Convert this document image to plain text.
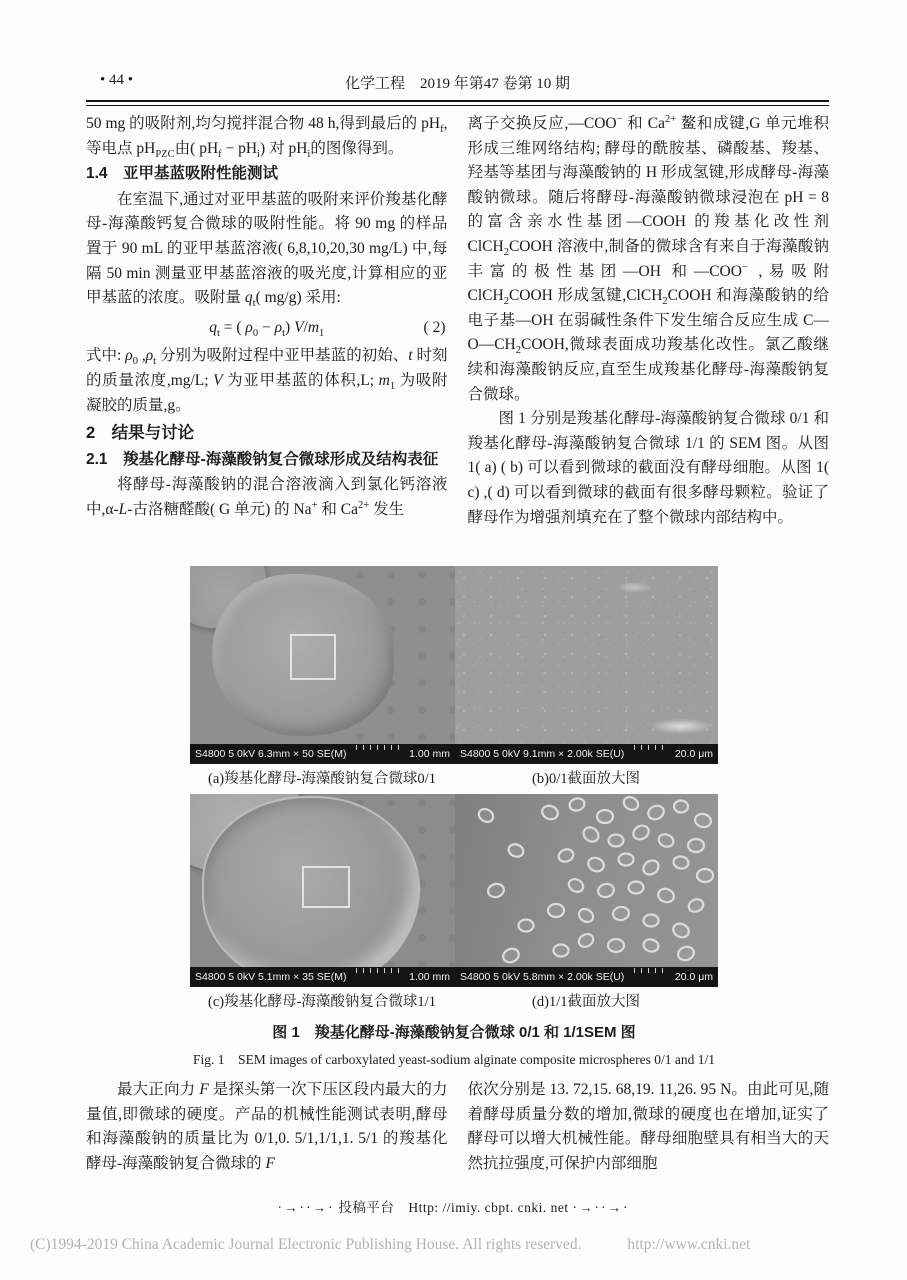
• 44 •	化学工程　2019 年第47 卷第 10 期

50 mg 的吸附剂,均匀搅拌混合物 48 h,得到最后的 $pH_f$,等电点 $pH_{PZC}$由( $pH_f - pH_i$) 对 $pH_i$的图像得到。

1.4　亚甲基蓝吸附性能测试

在室温下,通过对亚甲基蓝的吸附来评价羧基化酵母-海藻酸钙复合微球的吸附性能。将 90 mg 的样品置于 90 mL 的亚甲基蓝溶液( 6,8,10,20,30 mg/L) 中,每隔 50 min 测量亚甲基蓝溶液的吸光度,计算相应的亚甲基蓝的浓度。吸附量 $q_t$( mg/g) 采用:

$q_t$ = ( $\rho_0 - \rho_t$) $V/m_1$	( 2)

式中: $\rho_0$ $,\rho_t$ 分别为吸附过程中亚甲基蓝的初始、t 时刻的质量浓度,mg/L; V 为亚甲基蓝的体积,L; $m_1$ 为吸附凝胶的质量,g。

2　结果与讨论

2.1　羧基化酵母-海藻酸钠复合微球形成及结构表征

将酵母-海藻酸钠的混合溶液滴入到氯化钙溶液中,α-L-古洛糖醛酸( G 单元) 的 Na+ 和 $Ca^{2+}$ 发生

离子交换反应,—COO− 和 $Ca^{2+}$ 鳌和成键,G 单元堆积形成三维网络结构; 酵母的酰胺基、磷酸基、羧基、羟基等基团与海藻酸钠的 H 形成氢键,形成酵母-海藻酸钠微球。随后将酵母-海藻酸钠微球浸泡在 pH = 8 的富含亲水性基团—COOH 的羧基化改性剂 ClCH$_2$COOH 溶液中,制备的微球含有来自于海藻酸钠丰富的极性基团—OH 和—COO− ,易吸附 ClCH$_2$COOH 形成氢键,ClCH$_2$COOH 和海藻酸钠的给电子基—OH 在弱碱性条件下发生缩合反应生成 $C—O—CH_2COOH$,微球表面成功羧基化改性。氯乙酸继续和海藻酸钠反应,直至生成羧基化酵母-海藻酸钠复合微球。

图 1 分别是羧基化酵母-海藻酸钠复合微球 0/1 和羧基化酵母-海藻酸钠复合微球 1/1 的 SEM 图。从图 1( a) ( b) 可以看到微球的截面没有酵母细胞。从图 1( c) ,( d) 可以看到微球的截面有很多酵母颗粒。验证了酵母作为增强剂填充在了整个微球内部结构中。

S4800 5 0kV 6.3mm × 50 SE(M)	1.00 mm S4800 5 0kV 9.1mm × 2.00k SE(U)	20.0 μm
(a)羧基化酵母-海藻酸钠复合微球0/1	(b)0/1截面放大图
S4800 5 0kV 5.1mm × 35 SE(M)	1.00 mm S4800 5 0kV 5.8mm × 2.00k SE(U)	20.0 μm
(c)羧基化酵母-海藻酸钠复合微球1/1	(d)1/1截面放大图
图 1　羧基化酵母-海藻酸钠复合微球 0/1 和 1/1SEM 图
Fig. 1　SEM images of carboxylated yeast-sodium alginate composite microspheres 0/1 and 1/1

最大正向力 F 是探头第一次下压区段内最大的力量值,即微球的硬度。产品的机械性能测试表明,酵母和海藻酸钠的质量比为 0/1,0. 5/1,1/1,1. 5/1 的羧基化酵母-海藻酸钠复合微球的 F

依次分别是 13. 72,15. 68,19. 11,26. 95 N。由此可见,随着酵母质量分数的增加,微球的硬度也在增加,证实了酵母可以增大机械性能。酵母细胞壁具有相当大的天然抗拉强度,可保护内部细胞

·→··→· 投稿平台　Http: //imiy. cbpt. cnki. net ·→··→·
(C)1994-2019 China Academic Journal Electronic Publishing House. All rights reserved.	http://www.cnki.net
